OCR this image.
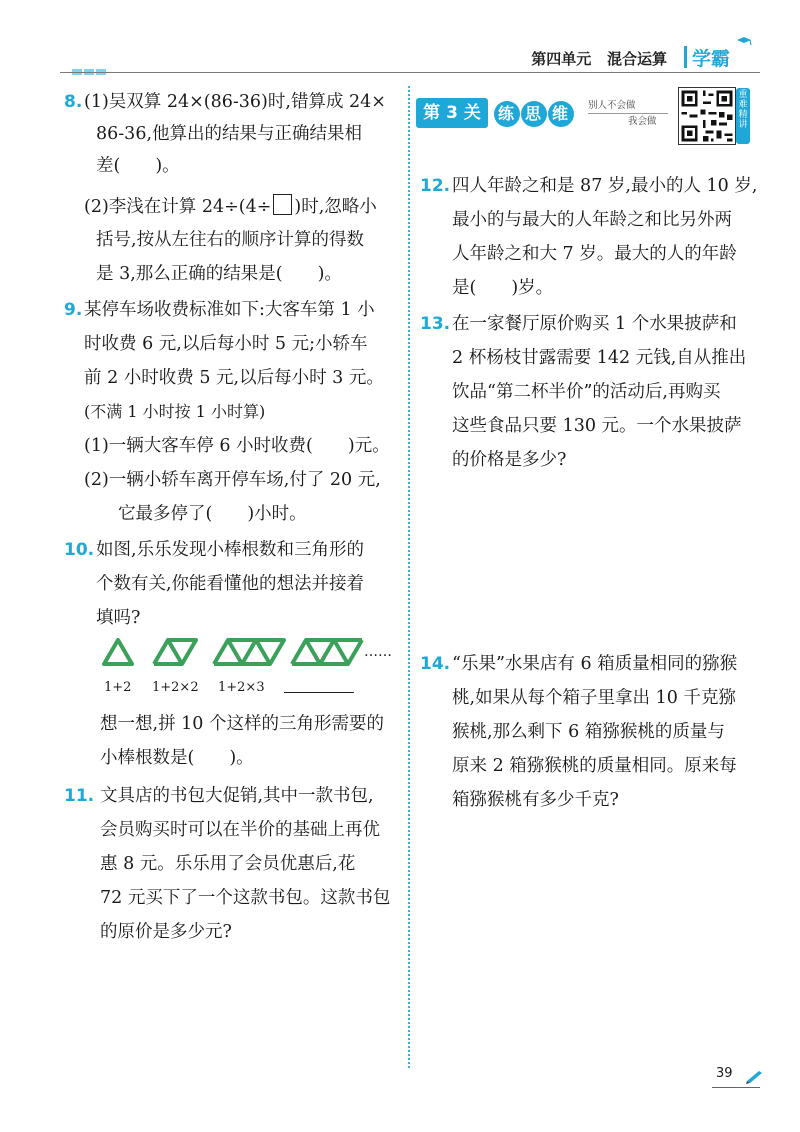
第四单元 混合运算 学霸
8. (1)吴双算 24×(86-36)时,错算成 24×
86-36,他算出的结果与正确结果相
差(　　)。
(2)李浅在计算 24÷(4÷ )时,忽略小
括号,按从左往右的顺序计算的得数
是 3,那么正确的结果是(　　)。
9. 某停车场收费标准如下:大客车第 1 小
时收费 6 元,以后每小时 5 元;小轿车
前 2 小时收费 5 元,以后每小时 3 元。
(不满 1 小时按 1 小时算)
(1)一辆大客车停 6 小时收费(　　)元。
(2)一辆小轿车离开停车场,付了 20 元,
它最多停了(　　)小时。
10. 如图,乐乐发现小棒根数和三角形的
个数有关,你能看懂他的想法并接着
填吗?
……
1+2 1+2×2 1+2×3
想一想,拼 10 个这样的三角形需要的
小棒根数是(　　)。
11. 文具店的书包大促销,其中一款书包,
会员购买时可以在半价的基础上再优
惠 8 元。乐乐用了会员优惠后,花
72 元买下了一个这款书包。这款书包
的原价是多少元?
第 3 关	练 思 维	别人不会做
我会做
重难精讲
12. 四人年龄之和是 87 岁,最小的人 10 岁,
最小的与最大的人年龄之和比另外两
人年龄之和大 7 岁。最大的人的年龄
是(　　)岁。
13. 在一家餐厅原价购买 1 个水果披萨和
2 杯杨枝甘露需要 142 元钱,自从推出
饮品“第二杯半价”的活动后,再购买
这些食品只要 130 元。一个水果披萨
的价格是多少?
14. “乐果”水果店有 6 箱质量相同的猕猴
桃,如果从每个箱子里拿出 10 千克猕
猴桃,那么剩下 6 箱猕猴桃的质量与
原来 2 箱猕猴桃的质量相同。原来每
箱猕猴桃有多少千克?
39
